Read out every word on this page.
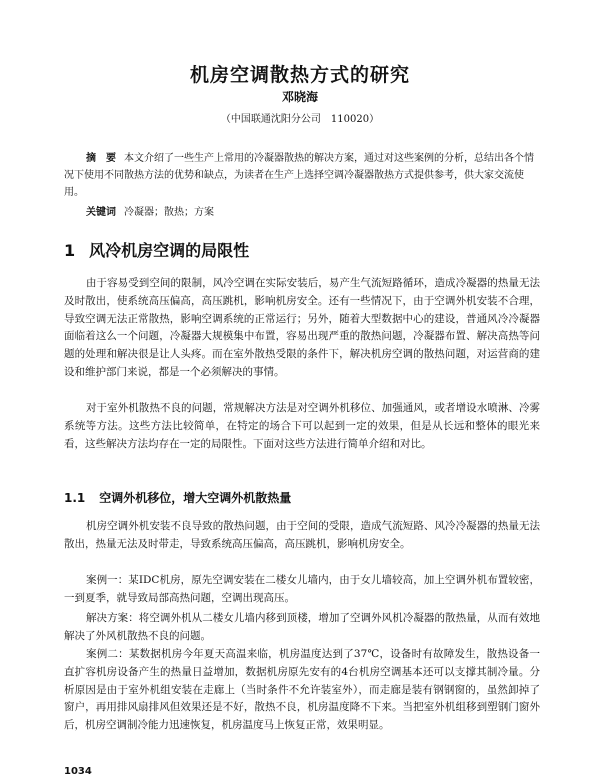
机房空调散热方式的研究
邓晓海
（中国联通沈阳分公司　110020）

摘　要 本文介绍了一些生产上常用的冷凝器散热的解决方案，通过对这些案例的分析，总结出各个情况下使用不同散热方法的优势和缺点，为读者在生产上选择空调冷凝器散热方式提供参考，供大家交流使用。

关键词 冷凝器；散热；方案

1 风冷机房空调的局限性

由于容易受到空间的限制，风冷空调在实际安装后，易产生气流短路循环，造成冷凝器的热量无法及时散出，使系统高压偏高，高压跳机，影响机房安全。还有一些情况下，由于空调外机安装不合理，导致空调无法正常散热，影响空调系统的正常运行；另外，随着大型数据中心的建设，普通风冷冷凝器面临着这么一个问题，冷凝器大规模集中布置，容易出现严重的散热问题，冷凝器布置、解决高热等问题的处理和解决很是让人头疼。而在室外散热受限的条件下，解决机房空调的散热问题，对运营商的建设和维护部门来说，都是一个必须解决的事情。

对于室外机散热不良的问题，常规解决方法是对空调外机移位、加强通风，或者增设水喷淋、冷雾系统等方法。这些方法比较简单，在特定的场合下可以起到一定的效果，但是从长远和整体的眼光来看，这些解决方法均存在一定的局限性。下面对这些方法进行简单介绍和对比。

1.1 空调外机移位，增大空调外机散热量

机房空调外机安装不良导致的散热问题，由于空间的受限，造成气流短路、风冷冷凝器的热量无法散出，热量无法及时带走，导致系统高压偏高，高压跳机，影响机房安全。

案例一：某IDC机房，原先空调安装在二楼女儿墙内，由于女儿墙较高，加上空调外机布置较密，一到夏季，就导致局部高热问题，空调出现高压。

解决方案：将空调外机从二楼女儿墙内移到顶楼，增加了空调外风机冷凝器的散热量，从而有效地解决了外风机散热不良的问题。

案例二：某数据机房今年夏天高温来临，机房温度达到了37℃，设备时有故障发生，散热设备一直扩容机房设备产生的热量日益增加，数据机房原先安有的4台机房空调基本还可以支撑其制冷量。分析原因是由于室外机组安装在走廊上（当时条件不允许装室外），而走廊是装有钢钢窗的，虽然卸掉了窗户，再用排风扇排风但效果还是不好，散热不良，机房温度降不下来。当把室外机组移到塑钢门窗外后，机房空调制冷能力迅速恢复，机房温度马上恢复正常，效果明显。

1034
